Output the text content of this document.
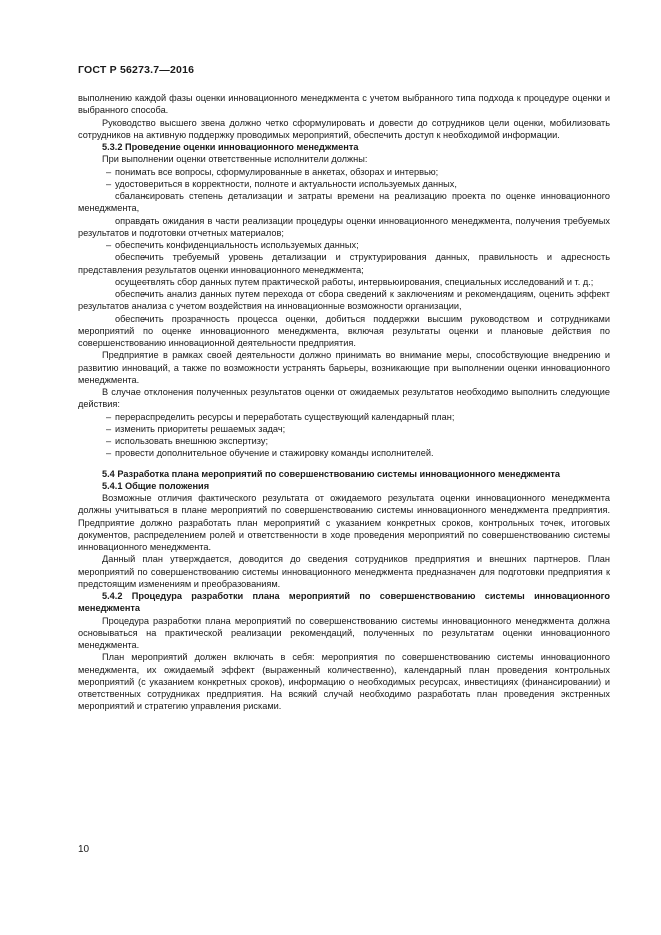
ГОСТ Р 56273.7—2016

выполнению каждой фазы оценки инновационного менеджмента с учетом выбранного типа подхода к процедуре оценки и выбранного способа.

Руководство высшего звена должно четко сформулировать и довести до сотрудников цели оценки, мобилизовать сотрудников на активную поддержку проводимых мероприятий, обеспечить доступ к необходимой информации.

5.3.2 Проведение оценки инновационного менеджмента

При выполнении оценки ответственные исполнители должны:

– понимать все вопросы, сформулированные в анкетах, обзорах и интервью;

– удостовериться в корректности, полноте и актуальности используемых данных,

– сбалансировать степень детализации и затраты времени на реализацию проекта по оценке инновационного менеджмента,

– оправдать ожидания в части реализации процедуры оценки инновационного менеджмента, получения требуемых результатов и подготовки отчетных материалов;

– обеспечить конфиденциальность используемых данных;

– обеспечить требуемый уровень детализации и структурирования данных, правильность и адресность представления результатов оценки инновационного менеджмента;

– осуществлять сбор данных путем практической работы, интервьюирования, специальных исследований и т. д.;

– обеспечить анализ данных путем перехода от сбора сведений к заключениям и рекомендациям, оценить эффект результатов анализа с учетом воздействия на инновационные возможности организации,

– обеспечить прозрачность процесса оценки, добиться поддержки высшим руководством и сотрудниками мероприятий по оценке инновационного менеджмента, включая результаты оценки и плановые действия по совершенствованию инновационной деятельности предприятия.

Предприятие в рамках своей деятельности должно принимать во внимание меры, способствующие внедрению и развитию инноваций, а также по возможности устранять барьеры, возникающие при выполнении оценки инновационного менеджмента.

В случае отклонения полученных результатов оценки от ожидаемых результатов необходимо выполнить следующие действия:

– перераспределить ресурсы и переработать существующий календарный план;

– изменить приоритеты решаемых задач;

– использовать внешнюю экспертизу;

– провести дополнительное обучение и стажировку команды исполнителей.

5.4 Разработка плана мероприятий по совершенствованию системы инновационного менеджмента

5.4.1 Общие положения

Возможные отличия фактического результата от ожидаемого результата оценки инновационного менеджмента должны учитываться в плане мероприятий по совершенствованию системы инновационного менеджмента предприятия. Предприятие должно разработать план мероприятий с указанием конкретных сроков, контрольных точек, итоговых документов, распределением ролей и ответственности в ходе проведения мероприятий по совершенствованию системы инновационного менеджмента.

Данный план утверждается, доводится до сведения сотрудников предприятия и внешних партнеров. План мероприятий по совершенствованию системы инновационного менеджмента предназначен для подготовки предприятия к предстоящим изменениям и преобразованиям.

5.4.2 Процедура разработки плана мероприятий по совершенствованию системы инновационного менеджмента

Процедура разработки плана мероприятий по совершенствованию системы инновационного менеджмента должна основываться на практической реализации рекомендаций, полученных по результатам оценки инновационного менеджмента.

План мероприятий должен включать в себя: мероприятия по совершенствованию системы инновационного менеджмента, их ожидаемый эффект (выраженный количественно), календарный план проведения контрольных мероприятий (с указанием конкретных сроков), информацию о необходимых ресурсах, инвестициях (финансировании) и ответственных сотрудниках предприятия. На всякий случай необходимо разработать план проведения экстренных мероприятий и стратегию управления рисками.

10
